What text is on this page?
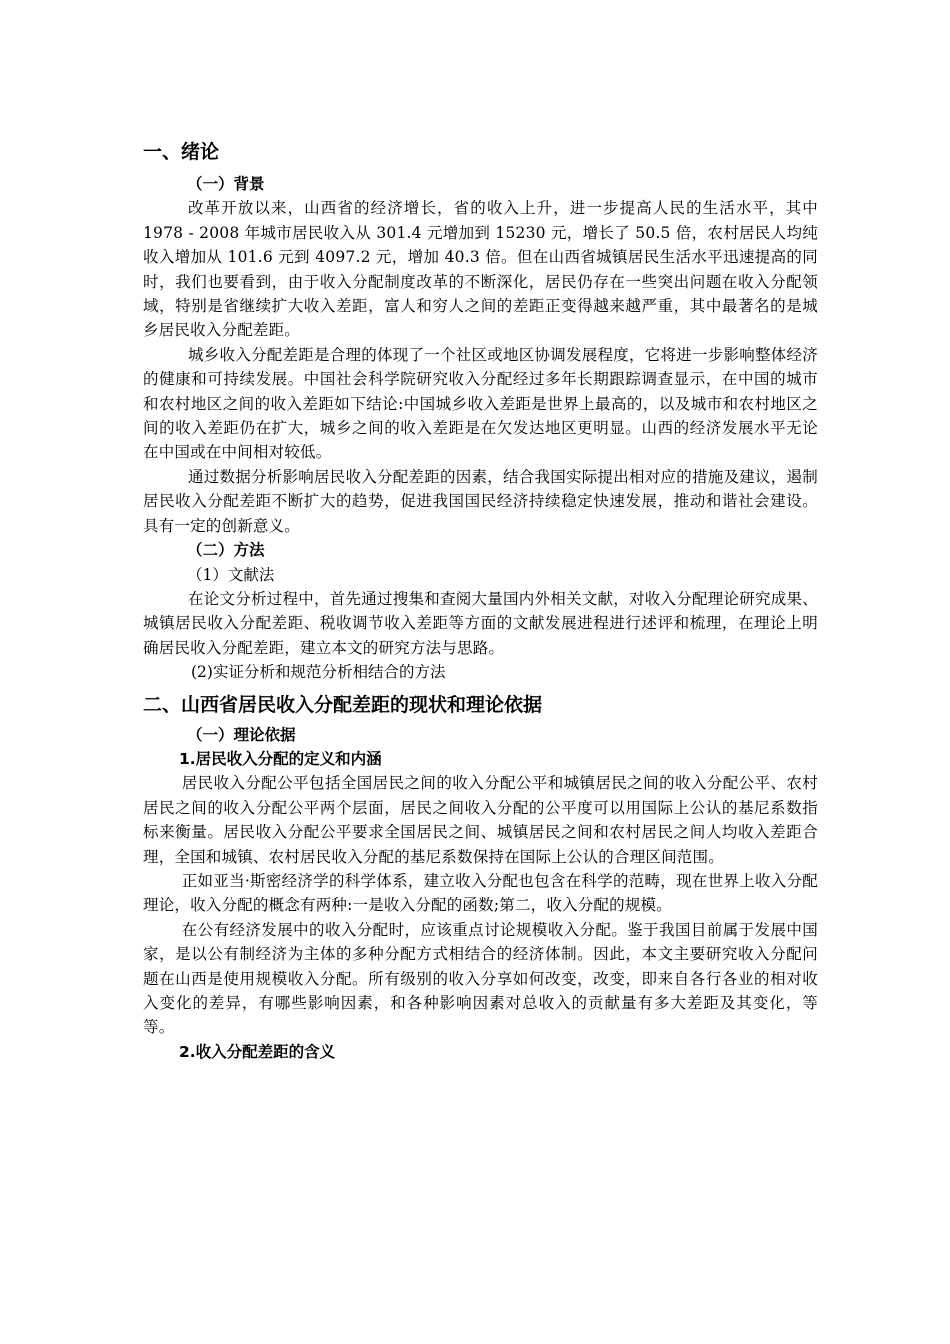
一、绪论
（一）背景

改革开放以来，山西省的经济增长，省的收入上升，进一步提高人民的生活水平，其中 1978 - 2008 年城市居民收入从 301.4 元增加到 15230 元，增长了 50.5 倍，农村居民人均纯收入增加从 101.6 元到 4097.2 元，增加 40.3 倍。但在山西省城镇居民生活水平迅速提高的同时，我们也要看到，由于收入分配制度改革的不断深化，居民仍存在一些突出问题在收入分配领域，特别是省继续扩大收入差距，富人和穷人之间的差距正变得越来越严重，其中最著名的是城乡居民收入分配差距。

城乡收入分配差距是合理的体现了一个社区或地区协调发展程度，它将进一步影响整体经济的健康和可持续发展。中国社会科学院研究收入分配经过多年长期跟踪调查显示，在中国的城市和农村地区之间的收入差距如下结论:中国城乡收入差距是世界上最高的，以及城市和农村地区之间的收入差距仍在扩大，城乡之间的收入差距是在欠发达地区更明显。山西的经济发展水平无论在中国或在中间相对较低。

通过数据分析影响居民收入分配差距的因素，结合我国实际提出相对应的措施及建议，遏制居民收入分配差距不断扩大的趋势，促进我国国民经济持续稳定快速发展，推动和谐社会建设。具有一定的创新意义。

（二）方法

（1）文献法

在论文分析过程中，首先通过搜集和查阅大量国内外相关文献，对收入分配理论研究成果、城镇居民收入分配差距、税收调节收入差距等方面的文献发展进程进行述评和梳理，在理论上明确居民收入分配差距，建立本文的研究方法与思路。

(2)实证分析和规范分析相结合的方法

二、山西省居民收入分配差距的现状和理论依据
（一）理论依据
1.居民收入分配的定义和内涵

居民收入分配公平包括全国居民之间的收入分配公平和城镇居民之间的收入分配公平、农村居民之间的收入分配公平两个层面，居民之间收入分配的公平度可以用国际上公认的基尼系数指标来衡量。居民收入分配公平要求全国居民之间、城镇居民之间和农村居民之间人均收入差距合理，全国和城镇、农村居民收入分配的基尼系数保持在国际上公认的合理区间范围。

正如亚当·斯密经济学的科学体系，建立收入分配也包含在科学的范畴，现在世界上收入分配理论，收入分配的概念有两种:一是收入分配的函数;第二，收入分配的规模。

在公有经济发展中的收入分配时，应该重点讨论规模收入分配。鉴于我国目前属于发展中国家，是以公有制经济为主体的多种分配方式相结合的经济体制。因此，本文主要研究收入分配问题在山西是使用规模收入分配。所有级别的收入分享如何改变，改变，即来自各行各业的相对收入变化的差异，有哪些影响因素，和各种影响因素对总收入的贡献量有多大差距及其变化，等等。

2.收入分配差距的含义
